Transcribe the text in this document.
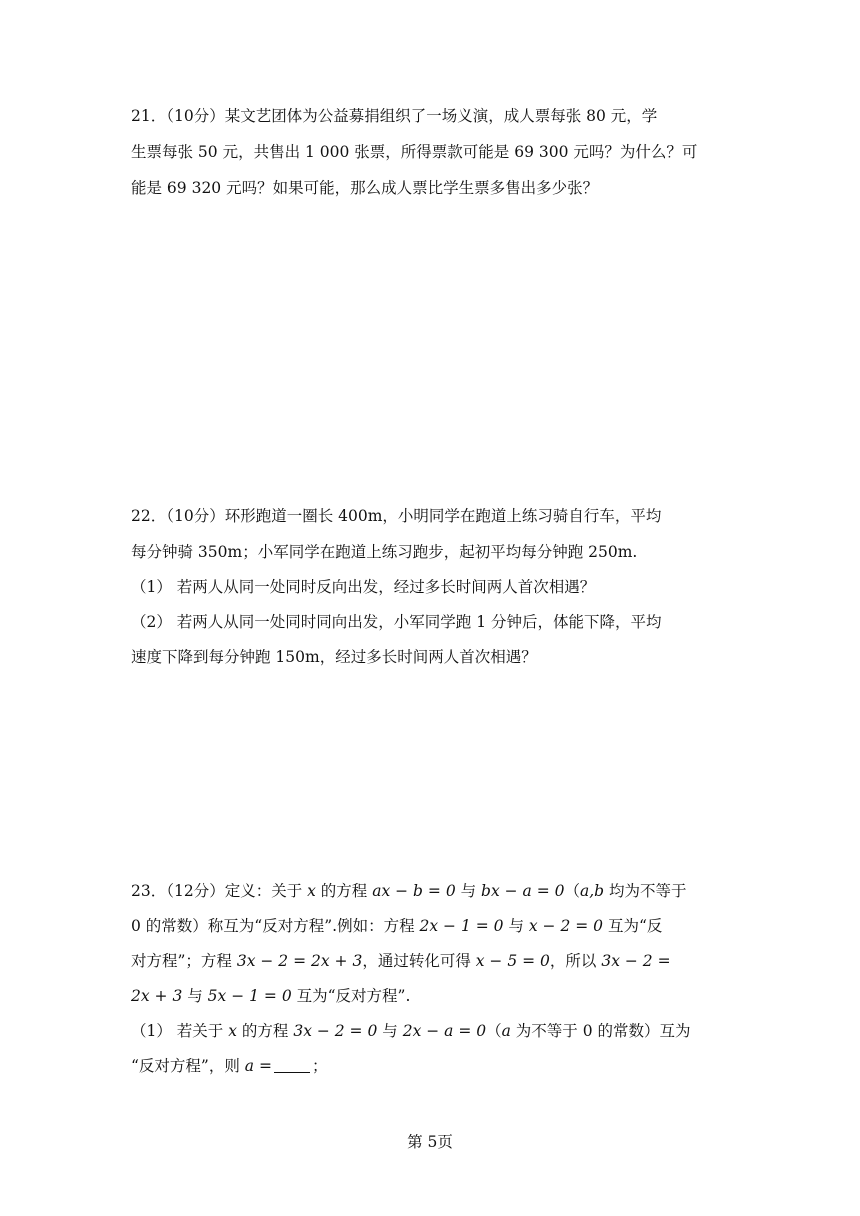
21．（10分）某文艺团体为公益募捐组织了一场义演，成人票每张 80 元，学
生票每张 50 元，共售出 1 000 张票，所得票款可能是 69 300 元吗？为什么？可
能是 69 320 元吗？如果可能，那么成人票比学生票多售出多少张？
22．（10分）环形跑道一圈长 400m，小明同学在跑道上练习骑自行车，平均
每分钟骑 350m；小军同学在跑道上练习跑步，起初平均每分钟跑 250m.
（1） 若两人从同一处同时反向出发，经过多长时间两人首次相遇？
（2） 若两人从同一处同时同向出发，小军同学跑 1 分钟后，体能下降，平均
速度下降到每分钟跑 150m，经过多长时间两人首次相遇？
23．（12分）定义：关于 x 的方程 ax − b = 0 与 bx − a = 0（a,b 均为不等于
0 的常数）称互为“反对方程”.例如：方程 2x − 1 = 0 与 x − 2 = 0 互为“反
对方程”；方程 3x − 2 = 2x + 3，通过转化可得 x − 5 = 0，所以 3x − 2 =
2x + 3 与 5x − 1 = 0 互为“反对方程”.
（1） 若关于 x 的方程 3x − 2 = 0 与 2x − a = 0（a 为不等于 0 的常数）互为
“反对方程”，则 a =	；
第 5页
